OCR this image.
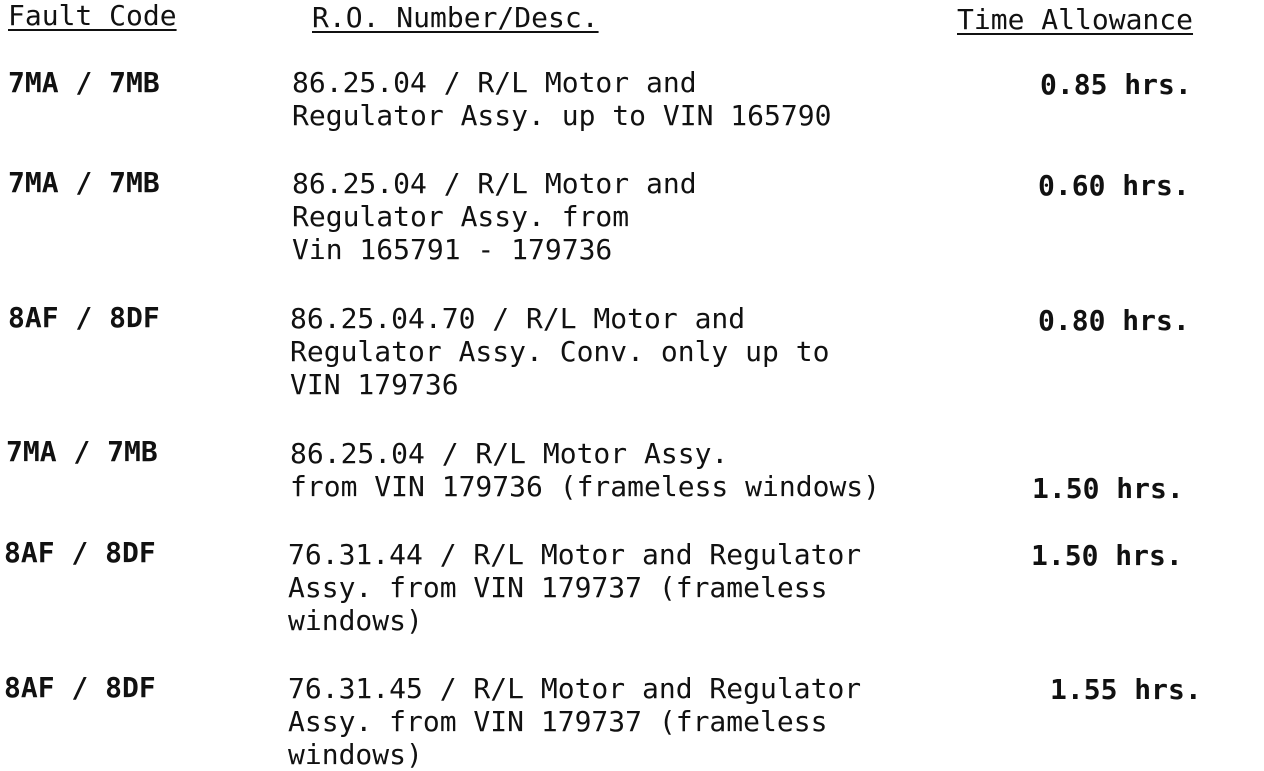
Fault Code	R.O. Number/Desc.	Time Allowance
7MA / 7MB	86.25.04 / R/L Motor and
Regulator Assy. up to VIN 165790
0.85 hrs.
7MA / 7MB	86.25.04 / R/L Motor and
Regulator Assy. from
Vin 165791 - 179736
0.60 hrs.
8AF / 8DF	86.25.04.70 / R/L Motor and
Regulator Assy. Conv. only up to
VIN 179736
0.80 hrs.
7MA / 7MB	86.25.04 / R/L Motor Assy.
from VIN 179736 (frameless windows)	1.50 hrs.
8AF / 8DF	76.31.44 / R/L Motor and Regulator
Assy. from VIN 179737 (frameless
windows)
1.50 hrs.
8AF / 8DF	76.31.45 / R/L Motor and Regulator
Assy. from VIN 179737 (frameless
windows)
1.55 hrs.
